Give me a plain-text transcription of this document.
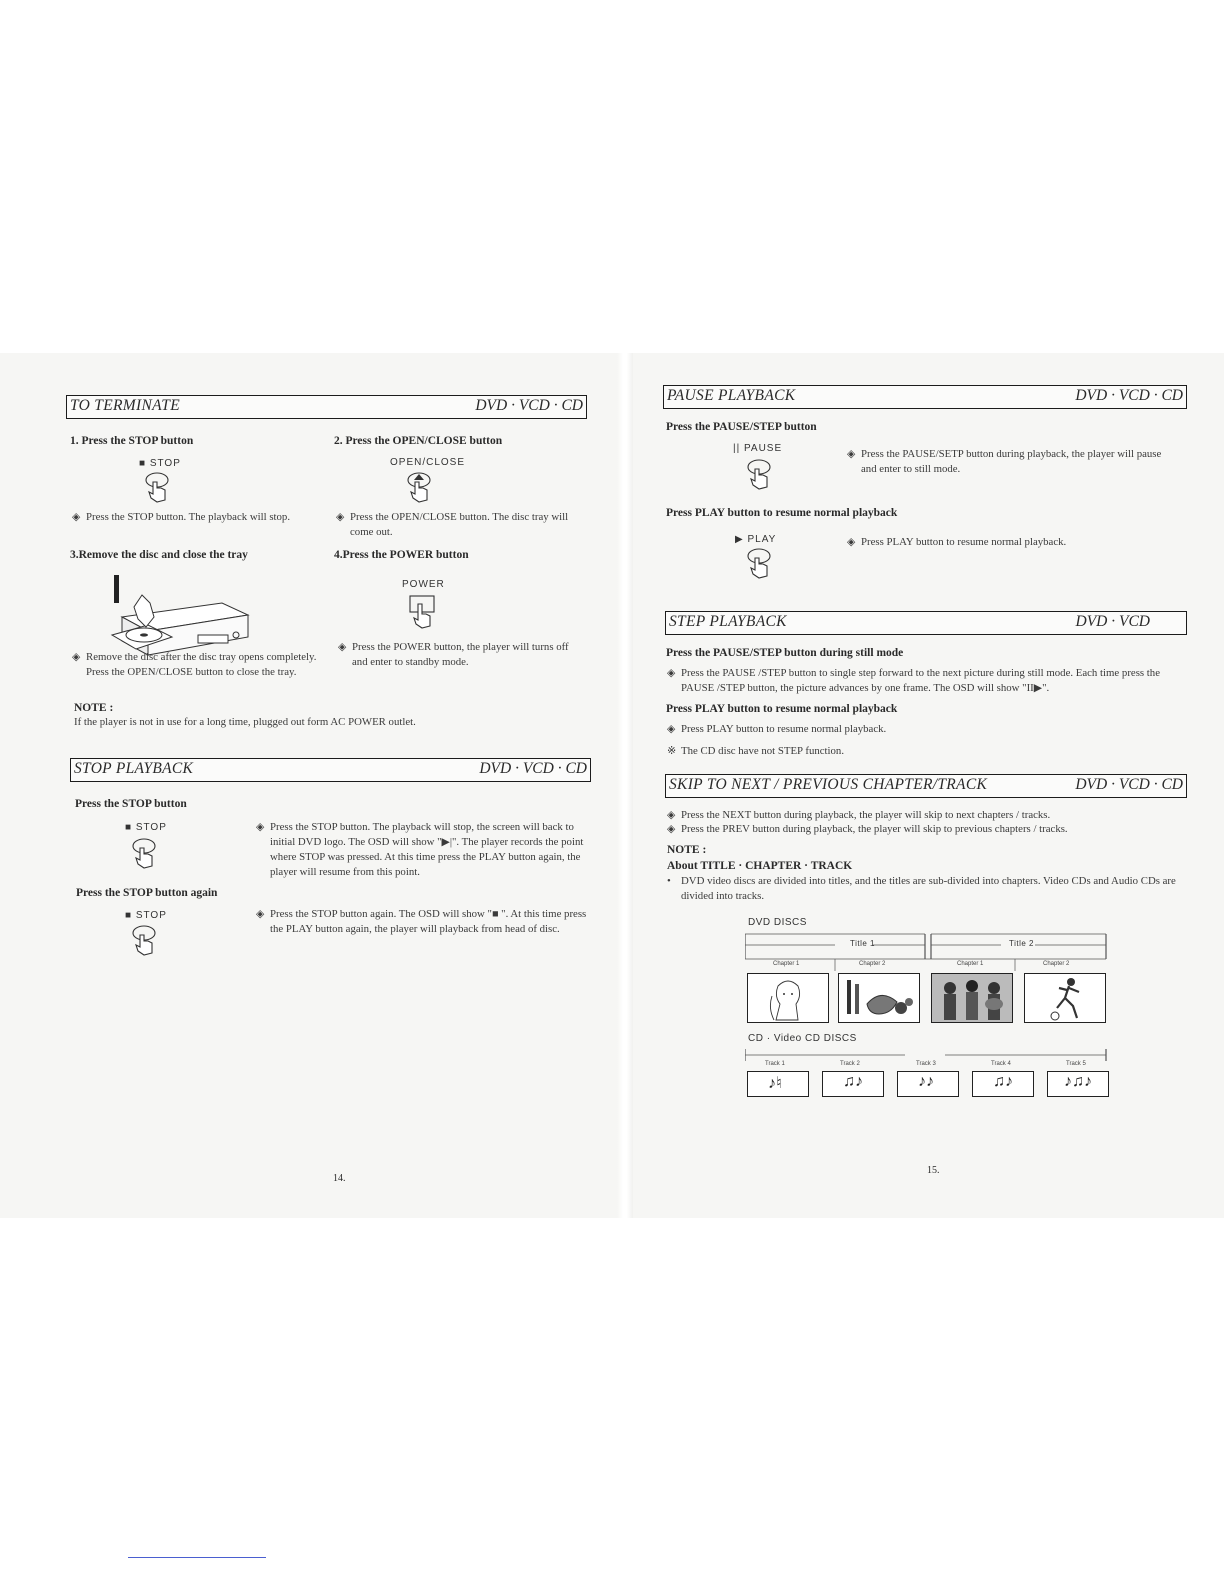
TO TERMINATE	DVD · VCD · CD
1. Press the STOP button
■ STOP
◈ Press the STOP button. The playback will stop.
2. Press the OPEN/CLOSE button
OPEN/CLOSE
◈ Press the OPEN/CLOSE button. The disc tray will come out.
3.Remove the disc and close the tray
◈ Remove the disc after the disc tray opens completely. Press the OPEN/CLOSE button to close the tray.
4.Press the POWER button
POWER
◈ Press the POWER button, the player will turns off and enter to standby mode.
NOTE :
If the player is not in use for a long time, plugged out form AC POWER outlet.
STOP PLAYBACK	DVD · VCD · CD
Press the STOP button
■ STOP	◈ Press the STOP button. The playback will stop, the screen will back to initial DVD logo. The OSD will show "▶|". The player records the point where STOP was pressed. At this time press the PLAY button again, the player will resume from this point.
Press the STOP button again
■ STOP	◈ Press the STOP button again. The OSD will show "■ ". At this time press the PLAY button again, the player will playback from head of disc.
14.
PAUSE PLAYBACK	DVD · VCD · CD
Press the PAUSE/STEP button
|| PAUSE	◈ Press the PAUSE/SETP button during playback, the player will pause and enter to still mode.
Press PLAY button to resume normal playback
▶ PLAY	◈ Press PLAY button to resume normal playback.
STEP PLAYBACK	DVD · VCD
Press the PAUSE/STEP button during still mode
◈ Press the PAUSE /STEP button to single step forward to the next picture during still mode. Each time press the PAUSE /STEP button, the picture advances by one frame. The OSD will show "II▶".
Press PLAY button to resume normal playback
◈ Press PLAY button to resume normal playback.
※ The CD disc have not STEP function.
SKIP TO NEXT / PREVIOUS CHAPTER/TRACK	DVD · VCD · CD
◈ Press the NEXT button during playback, the player will skip to next chapters / tracks.
◈ Press the PREV button during playback, the player will skip to previous chapters / tracks.
NOTE :
About TITLE · CHAPTER · TRACK
• DVD video discs are divided into titles, and the titles are sub-divided into chapters. Video CDs and Audio CDs are divided into tracks.
DVD DISCS
Title 1	Title 2
Chapter 1	Chapter 2	Chapter 1	Chapter 2
CD · Video CD DISCS
Track 1	Track 2	Track 3	Track 4	Track 5
♪♮	♫♪	♪♪	♫♪	♪♫♪
15.
